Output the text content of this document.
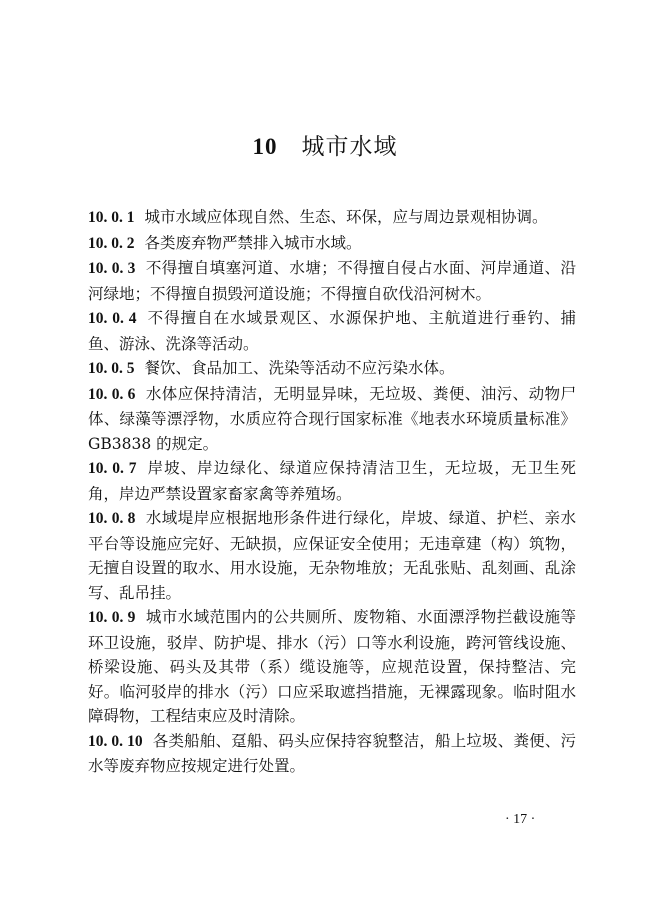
10 城市水域

10. 0. 1 城市水域应体现自然、生态、环保，应与周边景观相协调。

10. 0. 2 各类废弃物严禁排入城市水域。

10. 0. 3 不得擅自填塞河道、水塘；不得擅自侵占水面、河岸通道、沿河绿地；不得擅自损毁河道设施；不得擅自砍伐沿河树木。

10. 0. 4 不得擅自在水域景观区、水源保护地、主航道进行垂钓、捕鱼、游泳、洗涤等活动。

10. 0. 5 餐饮、食品加工、洗染等活动不应污染水体。

10. 0. 6 水体应保持清洁，无明显异味，无垃圾、粪便、油污、动物尸体、绿藻等漂浮物，水质应符合现行国家标准《地表水环境质量标准》GB3838 的规定。

10. 0. 7 岸坡、岸边绿化、绿道应保持清洁卫生，无垃圾，无卫生死角，岸边严禁设置家畜家禽等养殖场。

10. 0. 8 水域堤岸应根据地形条件进行绿化，岸坡、绿道、护栏、亲水平台等设施应完好、无缺损，应保证安全使用；无违章建（构）筑物，无擅自设置的取水、用水设施，无杂物堆放；无乱张贴、乱刻画、乱涂写、乱吊挂。

10. 0. 9 城市水域范围内的公共厕所、废物箱、水面漂浮物拦截设施等环卫设施，驳岸、防护堤、排水（污）口等水利设施，跨河管线设施、桥梁设施、码头及其带（系）缆设施等，应规范设置，保持整洁、完好。临河驳岸的排水（污）口应采取遮挡措施，无裸露现象。临时阻水障碍物，工程结束应及时清除。

10. 0. 10 各类船舶、趸船、码头应保持容貌整洁，船上垃圾、粪便、污水等废弃物应按规定进行处置。

· 17 ·
